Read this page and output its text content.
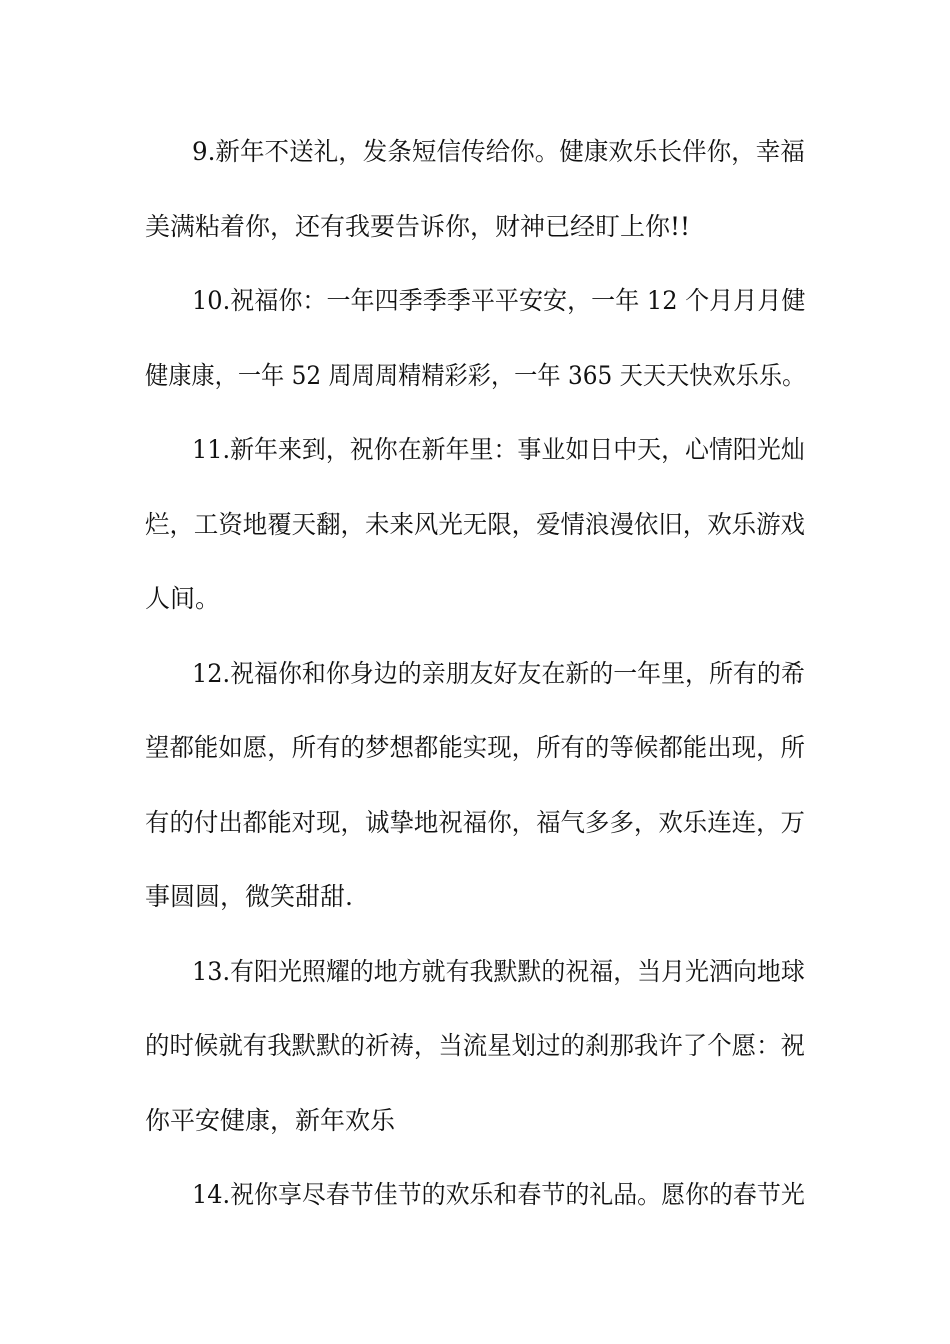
9.新年不送礼，发条短信传给你。健康欢乐长伴你，幸福
美满粘着你，还有我要告诉你，财神已经盯上你!!
10.祝福你：一年四季季季平平安安，一年 12 个月月月健
健康康，一年 52 周周周精精彩彩，一年 365 天天天快欢乐乐。
11.新年来到，祝你在新年里：事业如日中天，心情阳光灿
烂，工资地覆天翻，未来风光无限，爱情浪漫依旧，欢乐游戏
人间。
12.祝福你和你身边的亲朋友好友在新的一年里，所有的希
望都能如愿，所有的梦想都能实现，所有的等候都能出现，所
有的付出都能对现，诚挚地祝福你，福气多多，欢乐连连，万
事圆圆，微笑甜甜.
13.有阳光照耀的地方就有我默默的祝福，当月光洒向地球
的时候就有我默默的祈祷，当流星划过的刹那我许了个愿：祝
你平安健康，新年欢乐
14.祝你享尽春节佳节的欢乐和春节的礼品。愿你的春节光
